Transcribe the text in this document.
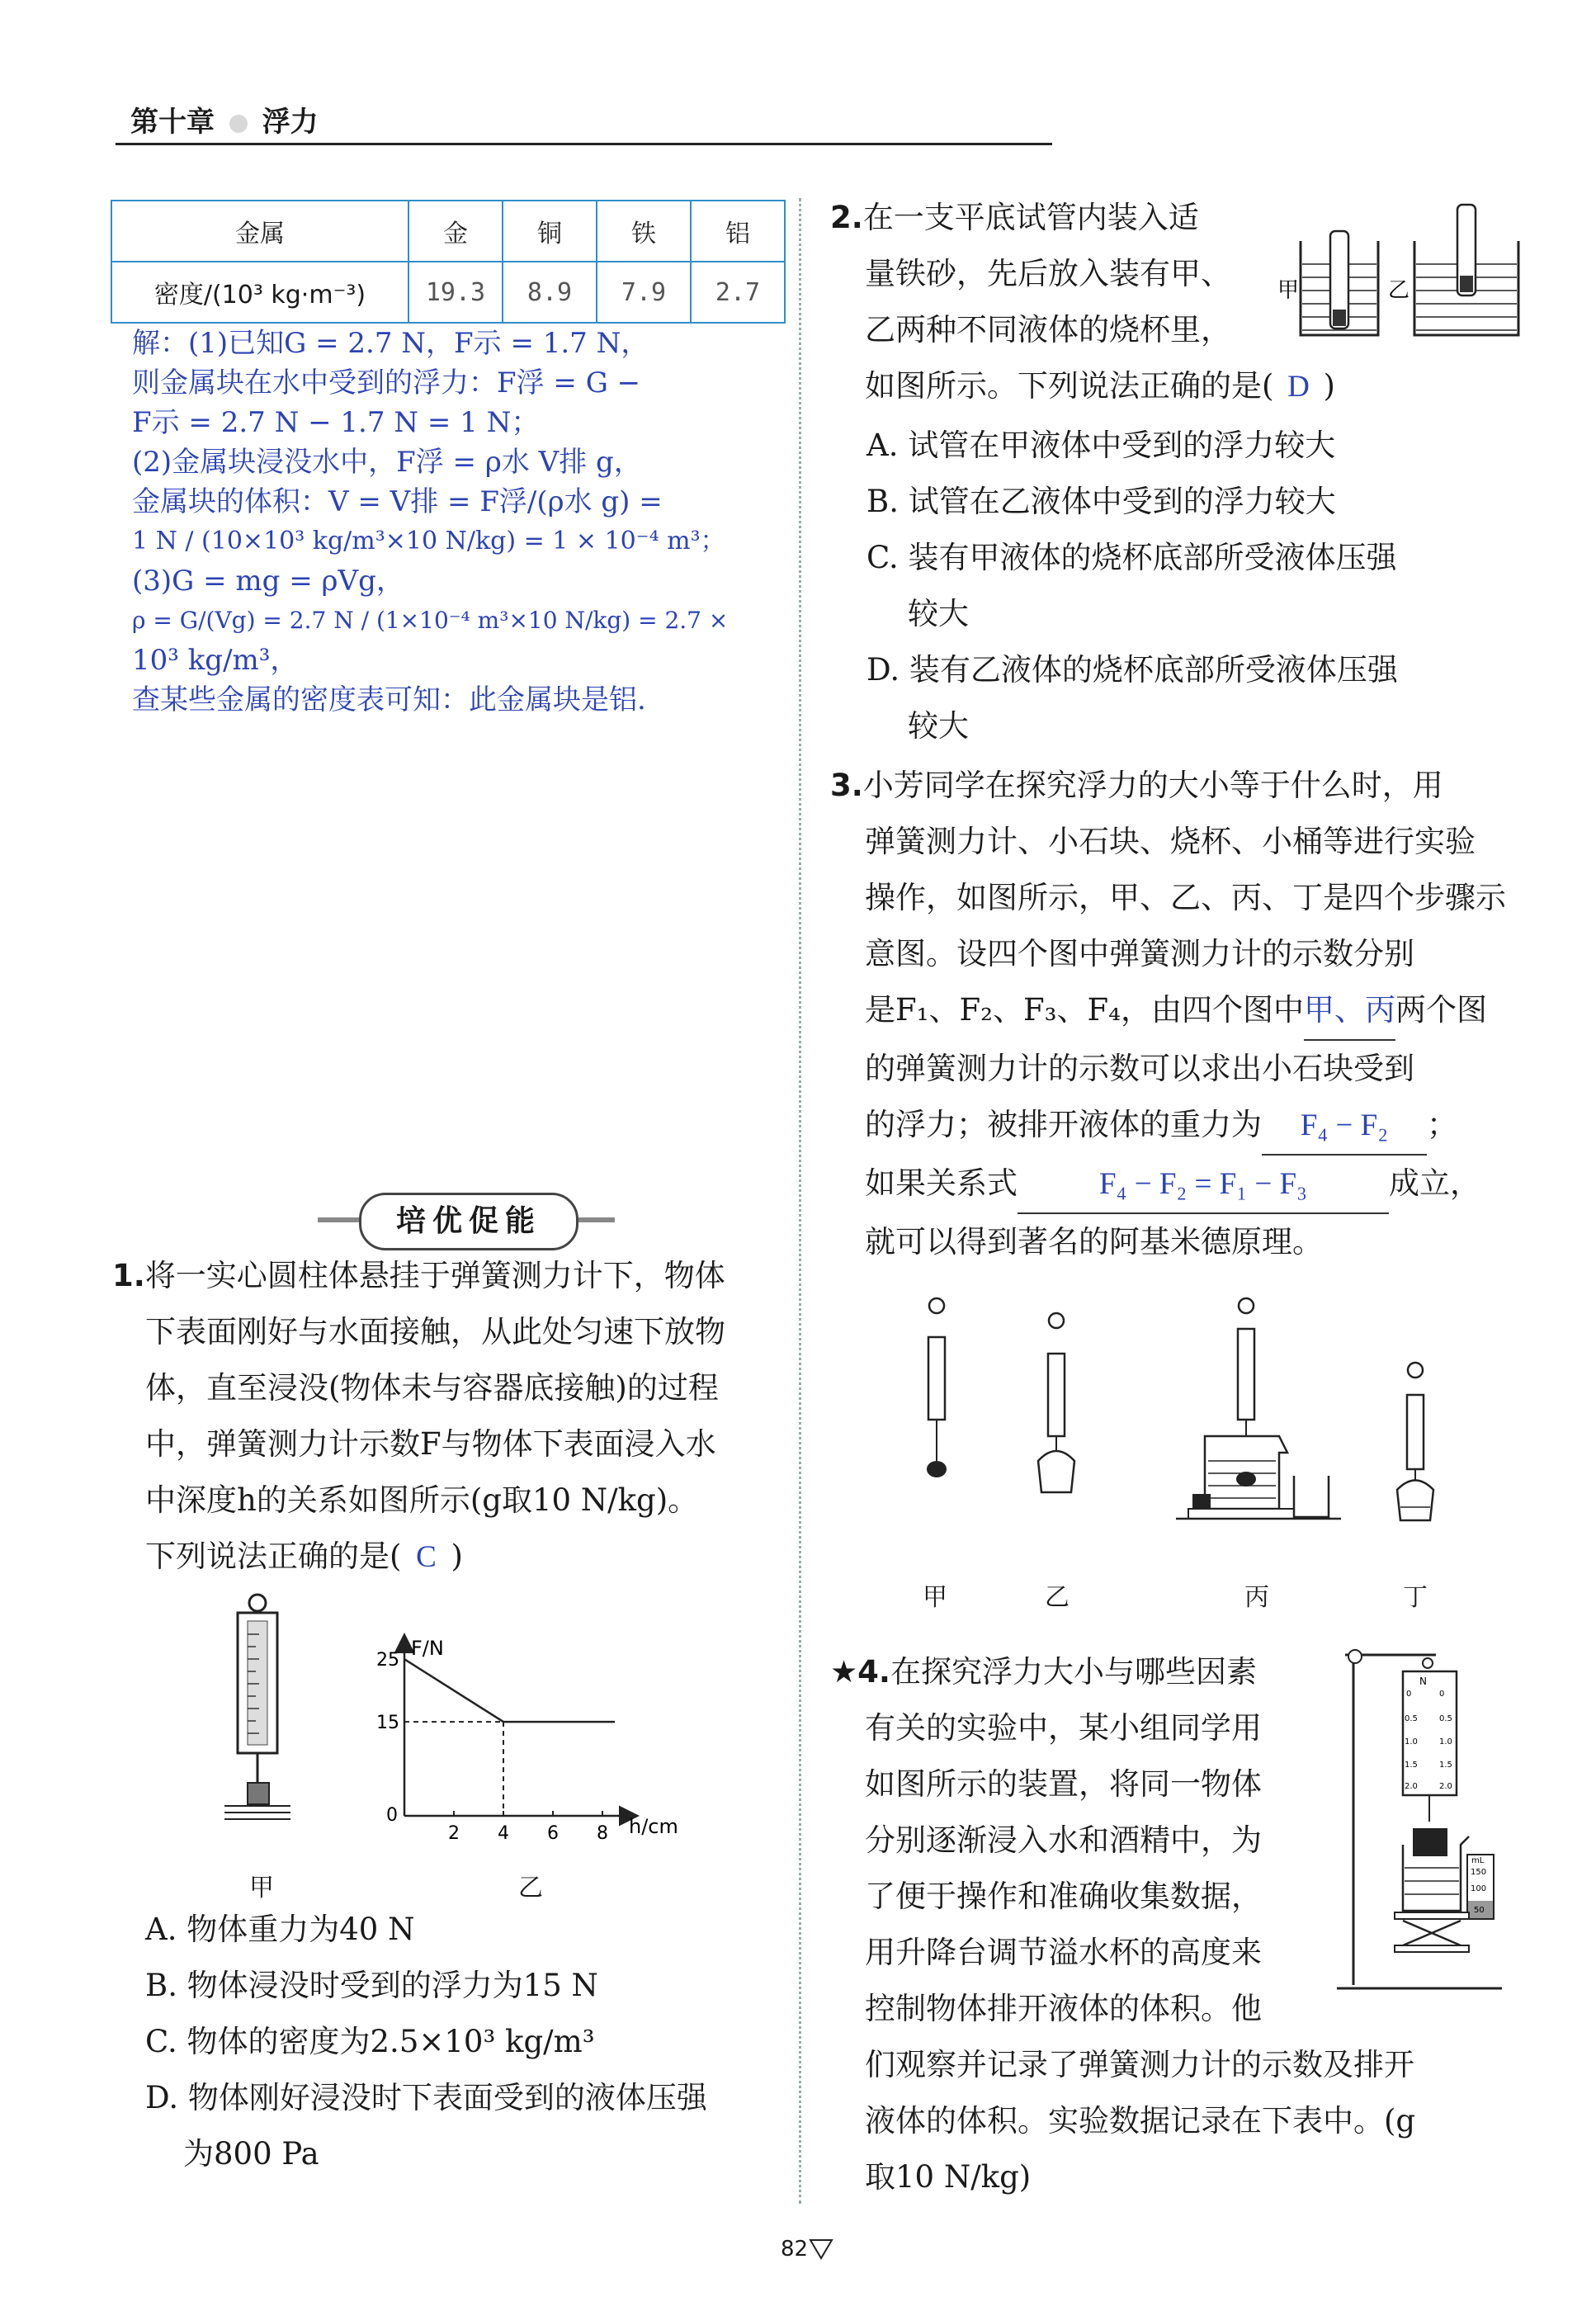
第十章 浮力
金属	金	铜	铁	铝
密度/(10³ kg·m⁻³)	19.3	8.9	7.9	2.7
解：(1)已知G = 2.7 N，F示 = 1.7 N，
则金属块在水中受到的浮力：F浮 = G −
F示 = 2.7 N − 1.7 N = 1 N；
(2)金属块浸没水中，F浮 = ρ水 V排 g，
金属块的体积：V = V排 = F浮/(ρ水 g) =
1 N / (10×10³ kg/m³×10 N/kg) = 1 × 10⁻⁴ m³；
(3)G = mg = ρVg，
ρ = G/(Vg) = 2.7 N / (1×10⁻⁴ m³×10 N/kg) = 2.7 ×
10³ kg/m³，
查某些金属的密度表可知：此金属块是铝.
培优促能
1.将一实心圆柱体悬挂于弹簧测力计下，物体
下表面刚好与水面接触，从此处匀速下放物
体，直至浸没(物体未与容器底接触)的过程
中，弹簧测力计示数F与物体下表面浸入水
中深度h的关系如图所示(g取10 N/kg)。
下列说法正确的是( C )
甲
F/N
h/cm
0
2 4 6 8
15
25
乙
A. 物体重力为40 N
B. 物体浸没时受到的浮力为15 N
C. 物体的密度为2.5×10³ kg/m³
D. 物体刚好浸没时下表面受到的液体压强
为800 Pa
2.在一支平底试管内装入适
量铁砂，先后放入装有甲、
乙两种不同液体的烧杯里，
如图所示。下列说法正确的是( D )
甲	乙
A. 试管在甲液体中受到的浮力较大
B. 试管在乙液体中受到的浮力较大
C. 装有甲液体的烧杯底部所受液体压强
较大
D. 装有乙液体的烧杯底部所受液体压强
较大
3.小芳同学在探究浮力的大小等于什么时，用
弹簧测力计、小石块、烧杯、小桶等进行实验
操作，如图所示，甲、乙、丙、丁是四个步骤示
意图。设四个图中弹簧测力计的示数分别
是F₁、F₂、F₃、F₄，由四个图中甲、丙两个图
的弹簧测力计的示数可以求出小石块受到
的浮力；被排开液体的重力为 F₄ − F₂ ；
如果关系式	F₄ − F₂ = F₁ − F₃	成立，
就可以得到著名的阿基米德原理。
甲	乙	丙	丁
★4.在探究浮力大小与哪些因素
有关的实验中，某小组同学用
如图所示的装置，将同一物体
分别逐渐浸入水和酒精中，为
了便于操作和准确收集数据，
用升降台调节溢水杯的高度来
控制物体排开液体的体积。他
们观察并记录了弹簧测力计的示数及排开
液体的体积。实验数据记录在下表中。(g
取10 N/kg)
N
0	0
0.5	0.5
1.0	1.0
1.5	1.5
2.0	2.0
mL
150
100
50
82
